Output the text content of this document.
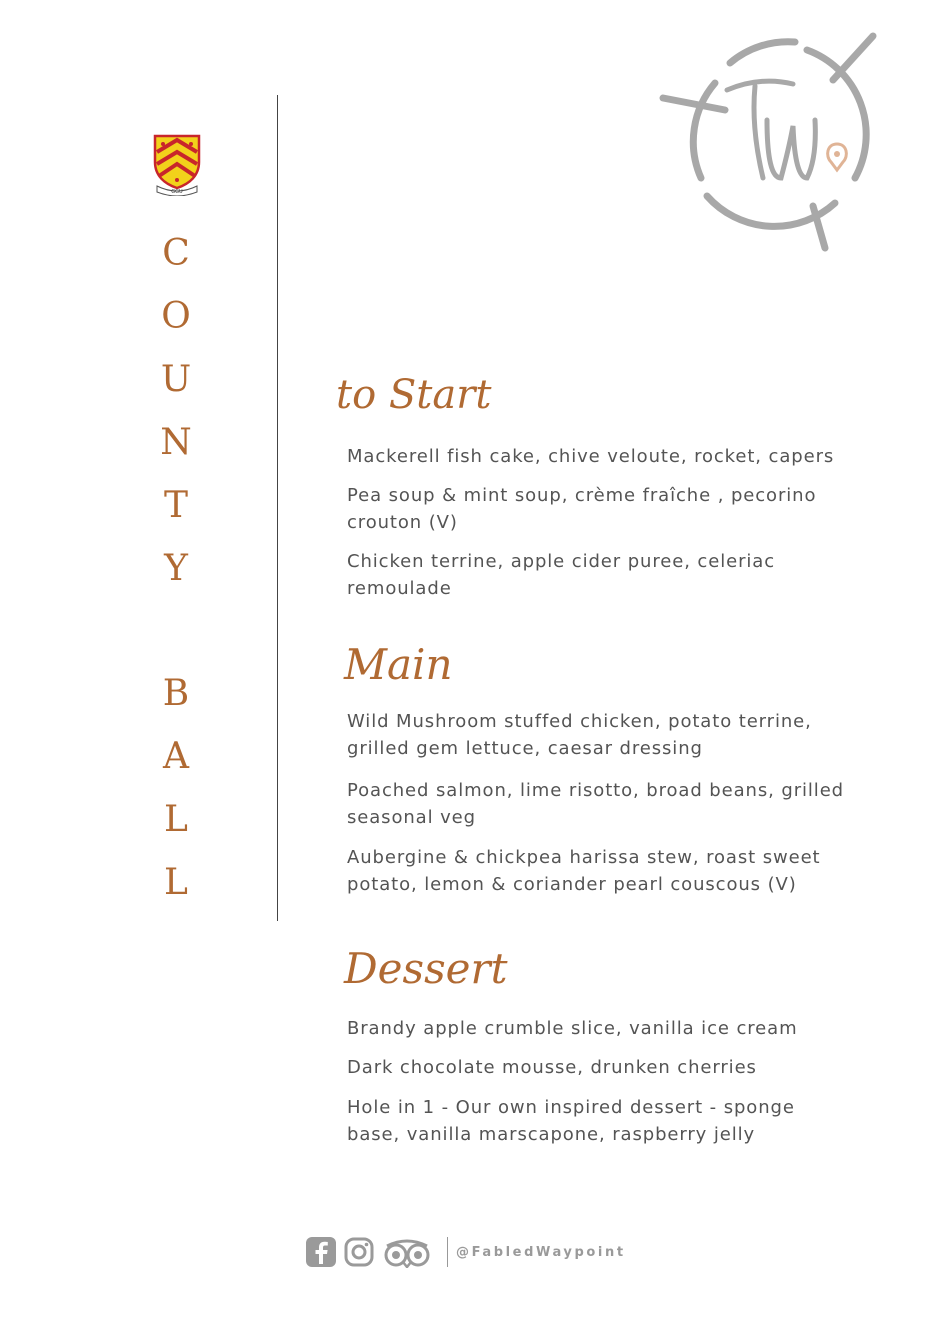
GGU
C
O
U
N
T
Y
B
A
L
L
to Start
Mackerell fish cake, chive veloute, rocket, capers
Pea soup & mint soup, crème fraîche , pecorino crouton (V)
Chicken terrine, apple cider puree, celeriac remoulade
Main
Wild Mushroom stuffed chicken, potato terrine, grilled gem lettuce, caesar dressing
Poached salmon, lime risotto, broad beans, grilled seasonal veg
Aubergine & chickpea harissa stew, roast sweet potato, lemon & coriander pearl couscous (V)
Dessert
Brandy apple crumble slice, vanilla ice cream
Dark chocolate mousse, drunken cherries
Hole in 1 - Our own inspired dessert - sponge base, vanilla marscapone, raspberry jelly
@FabledWaypoint
